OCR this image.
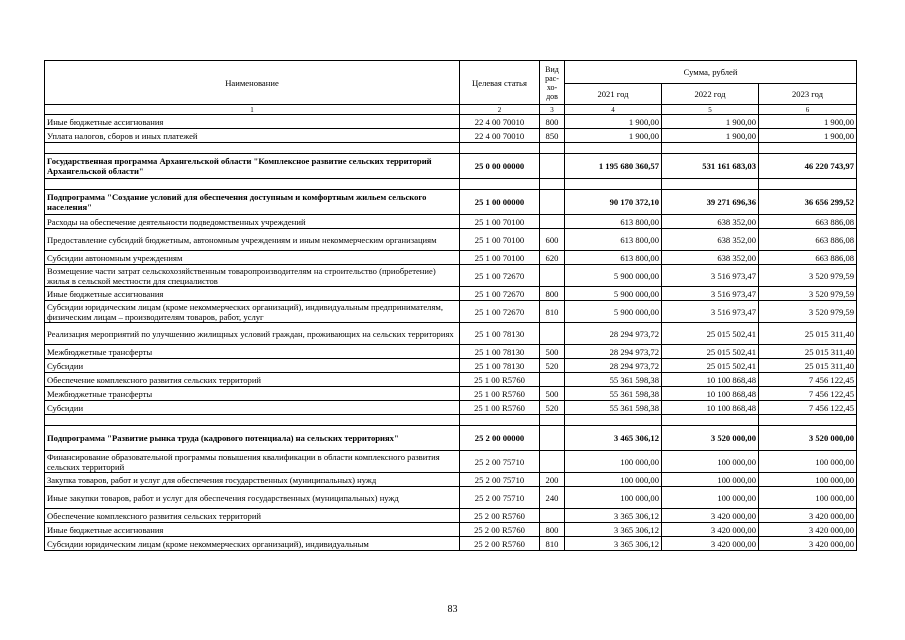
Наименование	Целевая статья	Вид рас-хо-дов	Сумма, рублей		
			2021 год	2022 год	2023 год
1	2	3	4	5	6
Иные бюджетные ассигнования	22 4 00 70010	800	1 900,00	1 900,00	1 900,00
Уплата налогов, сборов и иных платежей	22 4 00 70010	850	1 900,00	1 900,00	1 900,00

Государственная программа Архангельской области "Комплексное развитие сельских территорий Архангельской области"	25 0 00 00000		1 195 680 360,57	531 161 683,03	46 220 743,97

Подпрограмма "Создание условий для обеспечения доступным и комфортным жильем сельского населения"	25 1 00 00000		90 170 372,10	39 271 696,36	36 656 299,52
Расходы на обеспечение деятельности подведомственных учреждений	25 1 00 70100		613 800,00	638 352,00	663 886,08
Предоставление субсидий бюджетным, автономным учреждениям и иным некоммерческим организациям	25 1 00 70100	600	613 800,00	638 352,00	663 886,08
Субсидии автономным учреждениям	25 1 00 70100	620	613 800,00	638 352,00	663 886,08
Возмещение части затрат сельскохозяйственным товаропроизводителям на строительство (приобретение) жилья в сельской местности для специалистов	25 1 00 72670		5 900 000,00	3 516 973,47	3 520 979,59
Иные бюджетные ассигнования	25 1 00 72670	800	5 900 000,00	3 516 973,47	3 520 979,59
Субсидии юридическим лицам (кроме некоммерческих организаций), индивидуальным предпринимателям, физическим лицам – производителям товаров, работ, услуг	25 1 00 72670	810	5 900 000,00	3 516 973,47	3 520 979,59
Реализация мероприятий по улучшению жилищных условий граждан, проживающих на сельских территориях	25 1 00 78130		28 294 973,72	25 015 502,41	25 015 311,40
Межбюджетные трансферты	25 1 00 78130	500	28 294 973,72	25 015 502,41	25 015 311,40
Субсидии	25 1 00 78130	520	28 294 973,72	25 015 502,41	25 015 311,40
Обеспечение комплексного развития сельских территорий	25 1 00 R5760		55 361 598,38	10 100 868,48	7 456 122,45
Межбюджетные трансферты	25 1 00 R5760	500	55 361 598,38	10 100 868,48	7 456 122,45
Субсидии	25 1 00 R5760	520	55 361 598,38	10 100 868,48	7 456 122,45

Подпрограмма "Развитие рынка труда (кадрового потенциала) на сельских территориях"	25 2 00 00000		3 465 306,12	3 520 000,00	3 520 000,00
Финансирование образовательной программы повышения квалификации в области комплексного развития сельских территорий	25 2 00 75710		100 000,00	100 000,00	100 000,00
Закупка товаров, работ и услуг для обеспечения государственных (муниципальных) нужд	25 2 00 75710	200	100 000,00	100 000,00	100 000,00
Иные закупки товаров, работ и услуг для обеспечения государственных (муниципальных) нужд	25 2 00 75710	240	100 000,00	100 000,00	100 000,00
Обеспечение комплексного развития сельских территорий	25 2 00 R5760		3 365 306,12	3 420 000,00	3 420 000,00
Иные бюджетные ассигнования	25 2 00 R5760	800	3 365 306,12	3 420 000,00	3 420 000,00
Субсидии юридическим лицам (кроме некоммерческих организаций), индивидуальным	25 2 00 R5760	810	3 365 306,12	3 420 000,00	3 420 000,00
83
